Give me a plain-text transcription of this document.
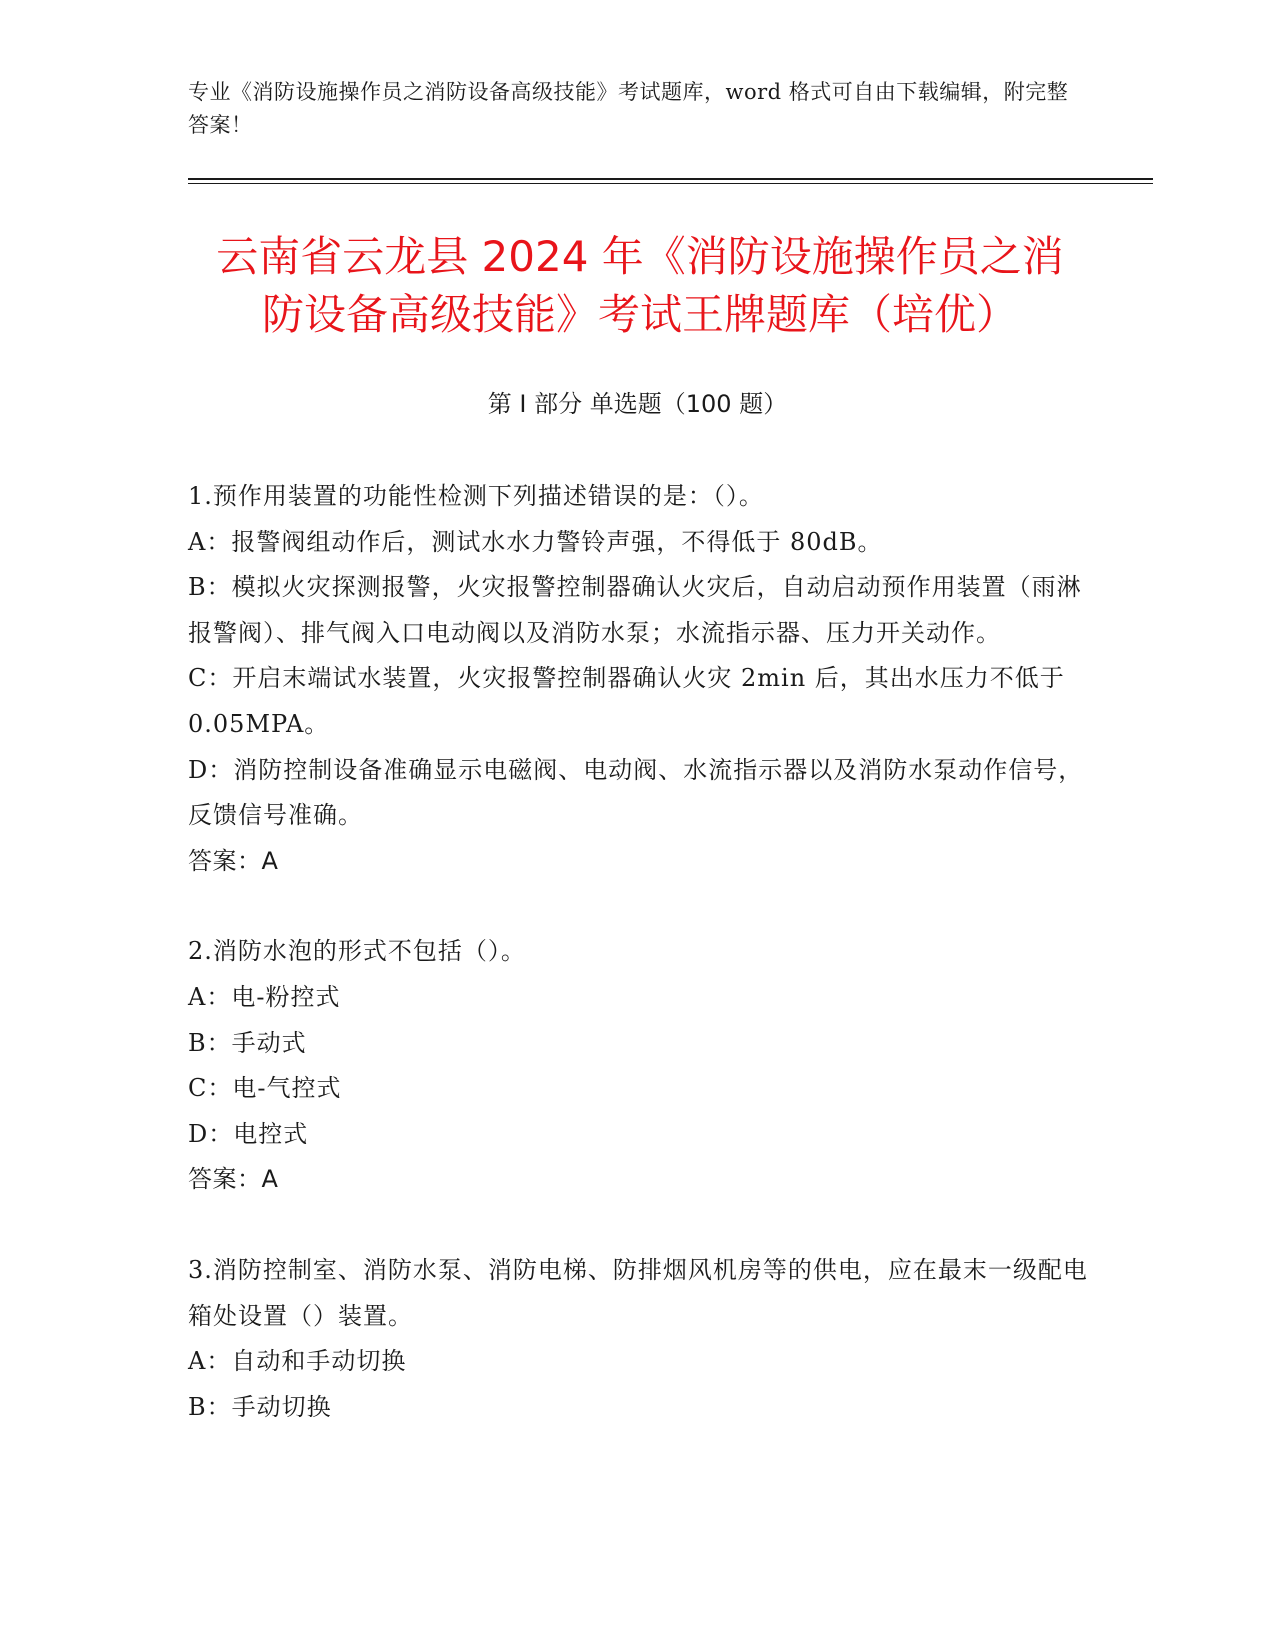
专业《消防设施操作员之消防设备高级技能》考试题库，word 格式可自由下载编辑，附完整答案！
云南省云龙县 2024 年《消防设施操作员之消
防设备高级技能》考试王牌题库（培优）
第 I 部分 单选题（100 题）
1.预作用装置的功能性检测下列描述错误的是：（）。
A：报警阀组动作后，测试水水力警铃声强，不得低于 80dB。
B：模拟火灾探测报警，火灾报警控制器确认火灾后，自动启动预作用装置（雨淋报警阀）、排气阀入口电动阀以及消防水泵；水流指示器、压力开关动作。
C：开启末端试水装置，火灾报警控制器确认火灾 2min 后，其出水压力不低于 0.05MPA。
D：消防控制设备准确显示电磁阀、电动阀、水流指示器以及消防水泵动作信号，反馈信号准确。
答案：A
2.消防水泡的形式不包括（）。
A：电-粉控式
B：手动式
C：电-气控式
D：电控式
答案：A
3.消防控制室、消防水泵、消防电梯、防排烟风机房等的供电，应在最末一级配电箱处设置（）装置。
A：自动和手动切换
B：手动切换
